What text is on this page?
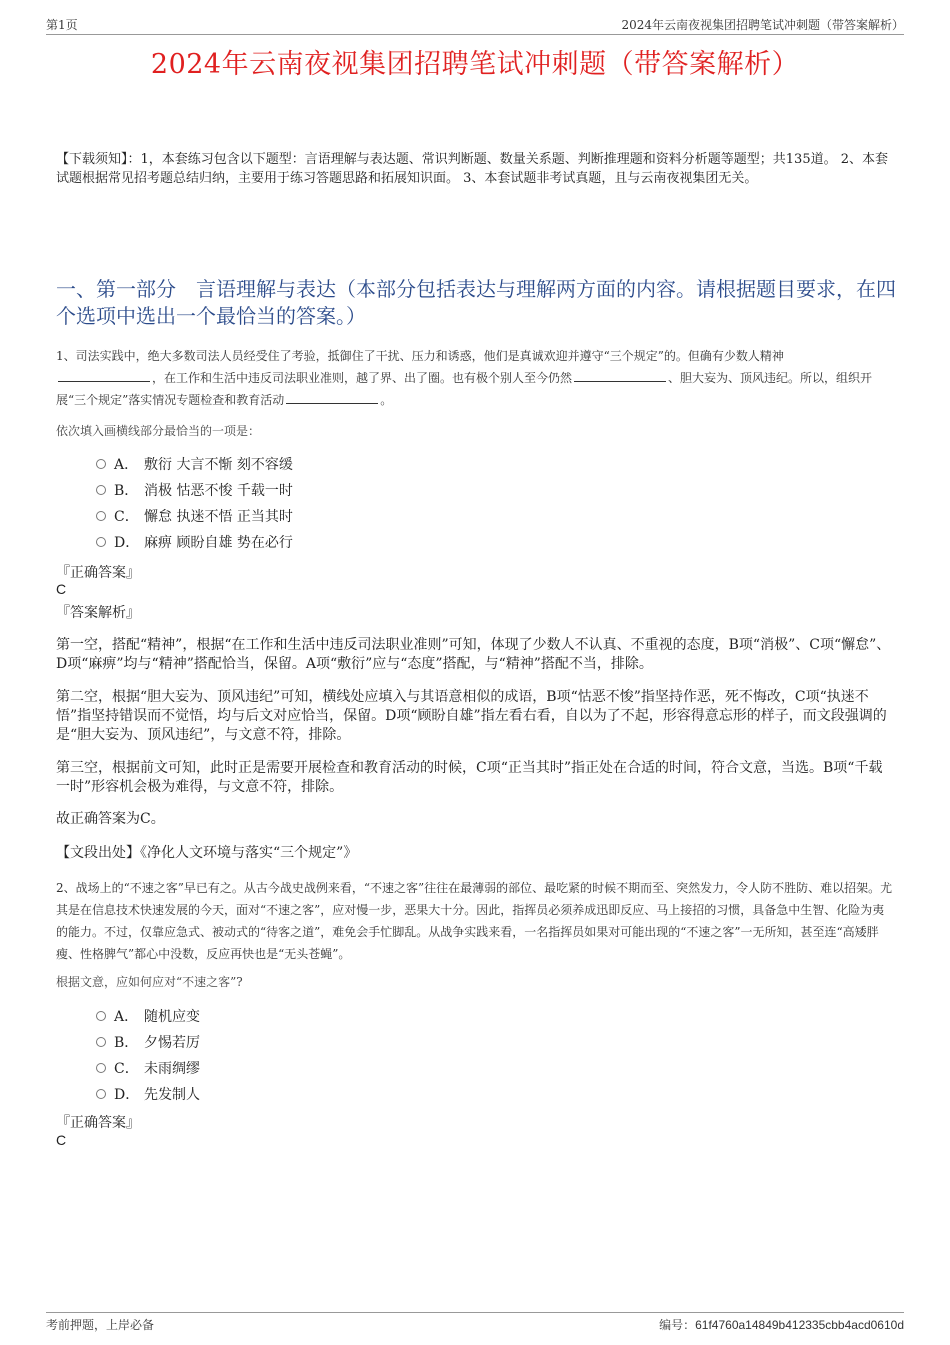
第1页	2024年云南夜视集团招聘笔试冲刺题（带答案解析）
2024年云南夜视集团招聘笔试冲刺题（带答案解析）
【下载须知】：1，本套练习包含以下题型：言语理解与表达题、常识判断题、数量关系题、判断推理题和资料分析题等题型；共135道。 2、本套试题根据常见招考题总结归纳，主要用于练习答题思路和拓展知识面。 3、本套试题非考试真题，且与云南夜视集团无关。
一、第一部分　言语理解与表达（本部分包括表达与理解两方面的内容。请根据题目要求，在四个选项中选出一个最恰当的答案。）
1、司法实践中，绝大多数司法人员经受住了考验，抵御住了干扰、压力和诱惑，他们是真诚欢迎并遵守“三个规定”的。但确有少数人精神
，在工作和生活中违反司法职业准则，越了界、出了圈。也有极个别人至今仍然	、胆大妄为、顶风违纪。所以，组织开展“三个规定”落实情况专题检查和教育活动	。
依次填入画横线部分最恰当的一项是：
A． 敷衍 大言不惭 刻不容缓
B． 消极 怙恶不悛 千载一时
C． 懈怠 执迷不悟 正当其时
D． 麻痹 顾盼自雄 势在必行
『正确答案』
C
『答案解析』
第一空，搭配“精神”，根据“在工作和生活中违反司法职业准则”可知，体现了少数人不认真、不重视的态度，B项“消极”、C项“懈怠”、D项“麻痹”均与“精神”搭配恰当，保留。A项“敷衍”应与“态度”搭配，与“精神”搭配不当，排除。
第二空，根据“胆大妄为、顶风违纪”可知，横线处应填入与其语意相似的成语，B项“怙恶不悛”指坚持作恶，死不悔改，C项“执迷不悟”指坚持错误而不觉悟，均与后文对应恰当，保留。D项“顾盼自雄”指左看右看，自以为了不起，形容得意忘形的样子，而文段强调的是“胆大妄为、顶风违纪”，与文意不符，排除。
第三空，根据前文可知，此时正是需要开展检查和教育活动的时候，C项“正当其时”指正处在合适的时间，符合文意，当选。B项“千载一时”形容机会极为难得，与文意不符，排除。
故正确答案为C。
【文段出处】《净化人文环境与落实“三个规定”》
2、战场上的“不速之客”早已有之。从古今战史战例来看，“不速之客”往往在最薄弱的部位、最吃紧的时候不期而至、突然发力，令人防不胜防、难以招架。尤其是在信息技术快速发展的今天，面对“不速之客”，应对慢一步，恶果大十分。因此，指挥员必须养成迅即反应、马上接招的习惯，具备急中生智、化险为夷的能力。不过，仅靠应急式、被动式的“待客之道”，难免会手忙脚乱。从战争实践来看，一名指挥员如果对可能出现的“不速之客”一无所知，甚至连“高矮胖瘦、性格脾气”都心中没数，反应再快也是“无头苍蝇”。
根据文意，应如何应对“不速之客”?
A． 随机应变
B． 夕惕若厉
C． 未雨绸缪
D． 先发制人
『正确答案』
C
考前押题，上岸必备	编号：61f4760a14849b412335cbb4acd0610d
